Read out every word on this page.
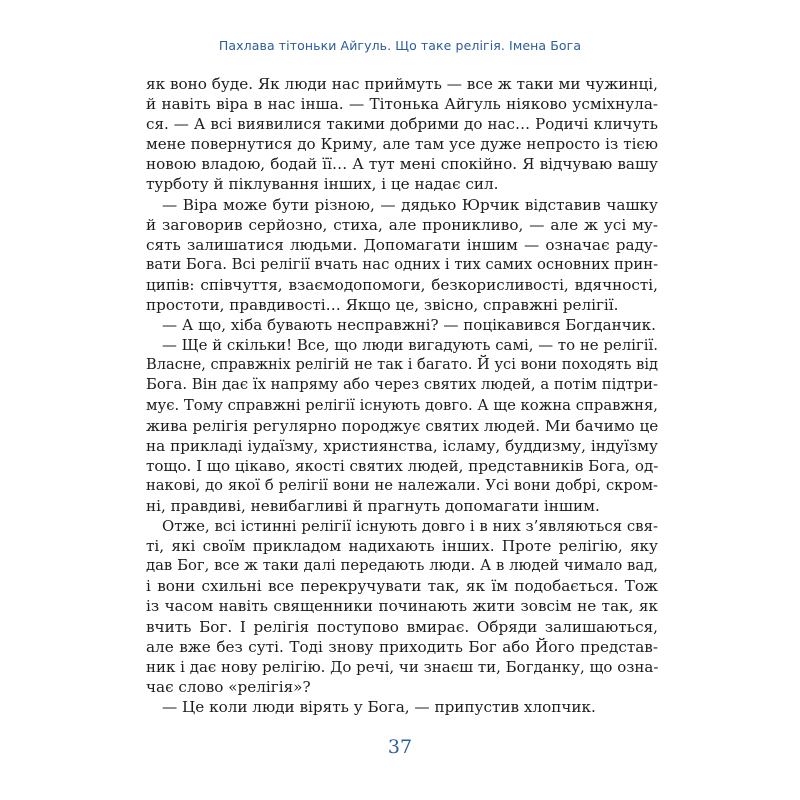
Пахлава тітоньки Айгуль. Що таке релігія. Імена Бога
як воно буде. Як люди нас приймуть — все ж таки ми чужинці,
й навіть віра в нас інша. — Тітонька Айгуль ніяково усміхнула-
ся. — А всі виявилися такими добрими до нас… Родичі кличуть
мене повернутися до Криму, але там усе дуже непросто із тією
новою владою, бодай її… А тут мені спокійно. Я відчуваю вашу
турботу й піклування інших, і це надає сил.
— Віра може бути різною, — дядько Юрчик відставив чашку
й заговорив серйозно, стиха, але проникливо, — але ж усі му-
сять залишатися людьми. Допомагати іншим — означає раду-
вати Бога. Всі релігії вчать нас одних і тих самих основних прин-
ципів: співчуття, взаємодопомоги, безкорисливості, вдячності,
простоти, правдивості… Якщо це, звісно, справжні релігії.
— А що, хіба бувають несправжні? — поцікавився Богданчик.
— Ще й скільки! Все, що люди вигадують самі, — то не релігії.
Власне, справжніх релігій не так і багато. Й усі вони походять від
Бога. Він дає їх напряму або через святих людей, а потім підтри-
мує. Тому справжні релігії існують довго. А ще кожна справжня,
жива релігія регулярно породжує святих людей. Ми бачимо це
на прикладі іудаїзму, християнства, ісламу, буддизму, індуїзму
тощо. І що цікаво, якості святих людей, представників Бога, од-
накові, до якої б релігії вони не належали. Усі вони добрі, скром-
ні, правдиві, невибагливі й прагнуть допомагати іншим.
Отже, всі істинні релігії існують довго і в них з’являються свя-
ті, які своїм прикладом надихають інших. Проте релігію, яку
дав Бог, все ж таки далі передають люди. А в людей чимало вад,
і вони схильні все перекручувати так, як їм подобається. Тож
із часом навіть священники починають жити зовсім не так, як
вчить Бог. І релігія поступово вмирає. Обряди залишаються,
але вже без суті. Тоді знову приходить Бог або Його представ-
ник і дає нову релігію. До речі, чи знаєш ти, Богданку, що озна-
чає слово «релігія»?
— Це коли люди вірять у Бога, — припустив хлопчик.
37
